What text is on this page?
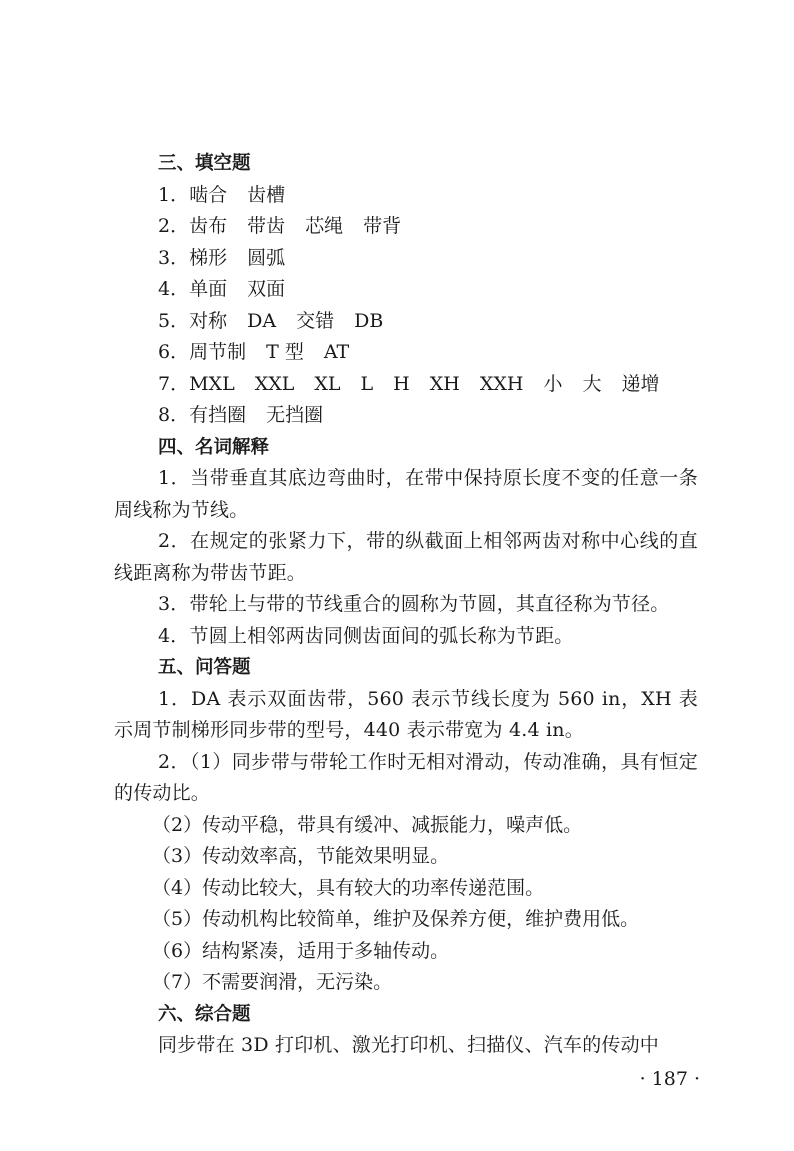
三、填空题

1．啮合 齿槽

2．齿布 带齿 芯绳 带背

3．梯形 圆弧

4．单面 双面

5．对称 DA 交错 DB

6．周节制 T 型 AT

7．MXL XXL XL L H XH XXH 小 大 递增

8．有挡圈 无挡圈

四、名词解释

1．当带垂直其底边弯曲时，在带中保持原长度不变的任意一条周线称为节线。

2．在规定的张紧力下，带的纵截面上相邻两齿对称中心线的直线距离称为带齿节距。

3．带轮上与带的节线重合的圆称为节圆，其直径称为节径。

4．节圆上相邻两齿同侧齿面间的弧长称为节距。

五、问答题

1．DA 表示双面齿带，560 表示节线长度为 560 in，XH 表示周节制梯形同步带的型号，440 表示带宽为 4.4 in。

2．（1）同步带与带轮工作时无相对滑动，传动准确，具有恒定的传动比。

（2）传动平稳，带具有缓冲、减振能力，噪声低。

（3）传动效率高，节能效果明显。

（4）传动比较大，具有较大的功率传递范围。

（5）传动机构比较简单，维护及保养方便，维护费用低。

（6）结构紧凑，适用于多轴传动。

（7）不需要润滑，无污染。

六、综合题

同步带在 3D 打印机、激光打印机、扫描仪、汽车的传动中

· 187 ·
